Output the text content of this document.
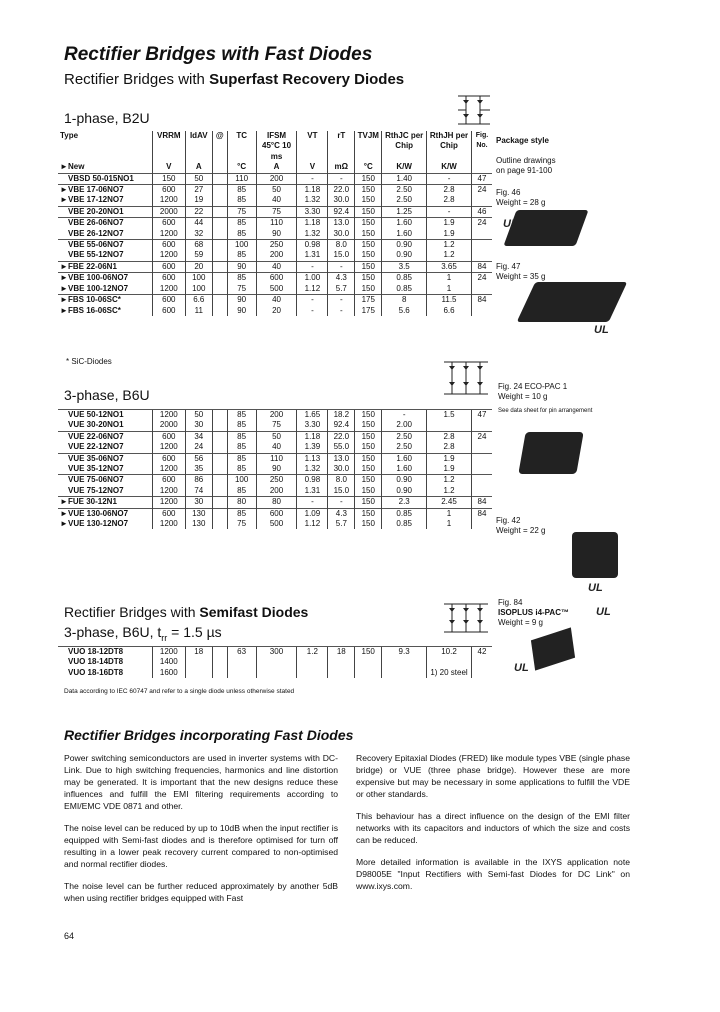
Rectifier Bridges with Fast Diodes
Rectifier Bridges with Superfast Recovery Diodes
1-phase, B2U
Type	VRRM	IdAV	@	TC	IFSM 45°C 10 ms	VT	rT	TVJM	RthJC per Chip	RthJH per Chip	Fig. No.
►New	V	A		°C	A	V	mΩ	°C	K/W	K/W	
VBSD 50-015NO1	150	50		110	200	-	-	150	1.40	-	47
►VBE 17-06NO7	600	27		85	50	1.18	22.0	150	2.50	2.8	24
►VBE 17-12NO7	1200	19		85	40	1.32	30.0	150	2.50	2.8	
VBE 20-20NO1	2000	22		75	75	3.30	92.4	150	1.25	-	46
VBE 26-06NO7	600	44		85	110	1.18	13.0	150	1.60	1.9	24
VBE 26-12NO7	1200	32		85	90	1.32	30.0	150	1.60	1.9	
VBE 55-06NO7	600	68		100	250	0.98	8.0	150	0.90	1.2	
VBE 55-12NO7	1200	59		85	200	1.31	15.0	150	0.90	1.2	
►FBE 22-06N1	600	20		90	40	-	-	150	3.5	3.65	84
►VBE 100-06NO7	600	100		85	600	1.00	4.3	150	0.85	1	24
►VBE 100-12NO7	1200	100		75	500	1.12	5.7	150	0.85	1	
►FBS 10-06SC*	600	6.6		90	40	-	-	175	8	11.5	84
►FBS 16-06SC*	600	11		90	20	-	-	175	5.6	6.6	
* SiC-Diodes
Package style

Outline drawings
on page 91-100
Fig. 46
Weight = 28 g
UL
Fig. 47
Weight = 35 g
UL
3-phase, B6U
VUE 50-12NO1	1200	50		85	200	1.65	18.2	150	-	1.5	47
VUE 30-20NO1	2000	30		85	75	3.30	92.4	150	2.00		
VUE 22-06NO7	600	34		85	50	1.18	22.0	150	2.50	2.8	24
VUE 22-12NO7	1200	24		85	40	1.39	55.0	150	2.50	2.8	
VUE 35-06NO7	600	56		85	110	1.13	13.0	150	1.60	1.9	
VUE 35-12NO7	1200	35		85	90	1.32	30.0	150	1.60	1.9	
VUE 75-06NO7	600	86		100	250	0.98	8.0	150	0.90	1.2	
VUE 75-12NO7	1200	74		85	200	1.31	15.0	150	0.90	1.2	
►FUE 30-12N1	1200	30		80	80	-	-	150	2.3	2.45	84
►VUE 130-06NO7	600	130		85	600	1.09	4.3	150	0.85	1	84
►VUE 130-12NO7	1200	130		75	500	1.12	5.7	150	0.85	1	
Fig. 24 ECO-PAC 1
Weight = 10 g
See data sheet for pin arrangement
Fig. 42
Weight = 22 g
UL
Rectifier Bridges with Semifast Diodes
3-phase, B6U, $t_{rr} = 1.5$ µs
VUO 18-12DT8	1200	18		63	300	1.2	18	150	9.3	10.2	42
VUO 18-14DT8	1400										
VUO 18-16DT8	1600									1) 20 steel	
Data according to IEC 60747 and refer to a single diode unless otherwise stated
Fig. 84
ISOPLUS i4-PAC™
Weight = 9 g
UL
UL
Rectifier Bridges incorporating Fast Diodes

Power switching semiconductors are used in inverter systems with DC-Link. Due to high switching frequencies, harmonics and line distortion may be generated. It is important that the new designs reduce these influences and fulfill the EMI filtering requirements according to EMI/EMC VDE 0871 and other.

The noise level can be reduced by up to 10dB when the input rectifier is equipped with Semi-fast diodes and is therefore optimised for turn off resulting in a lower peak recovery current compared to non-optimised and normal rectifier diodes.

The noise level can be further reduced approximately by another 5dB when using rectifier bridges equipped with Fast

Recovery Epitaxial Diodes (FRED) like module types VBE (single phase bridge) or VUE (three phase bridge). However these are more expensive but may be necessary in some applications to fulfill the VDE or other standards.

This behaviour has a direct influence on the design of the EMI filter networks with its capacitors and inductors of which the size and costs can be reduced.

More detailed information is available in the IXYS application note D98005E "Input Rectifiers with Semi-fast Diodes for DC Link" on www.ixys.com.

64
